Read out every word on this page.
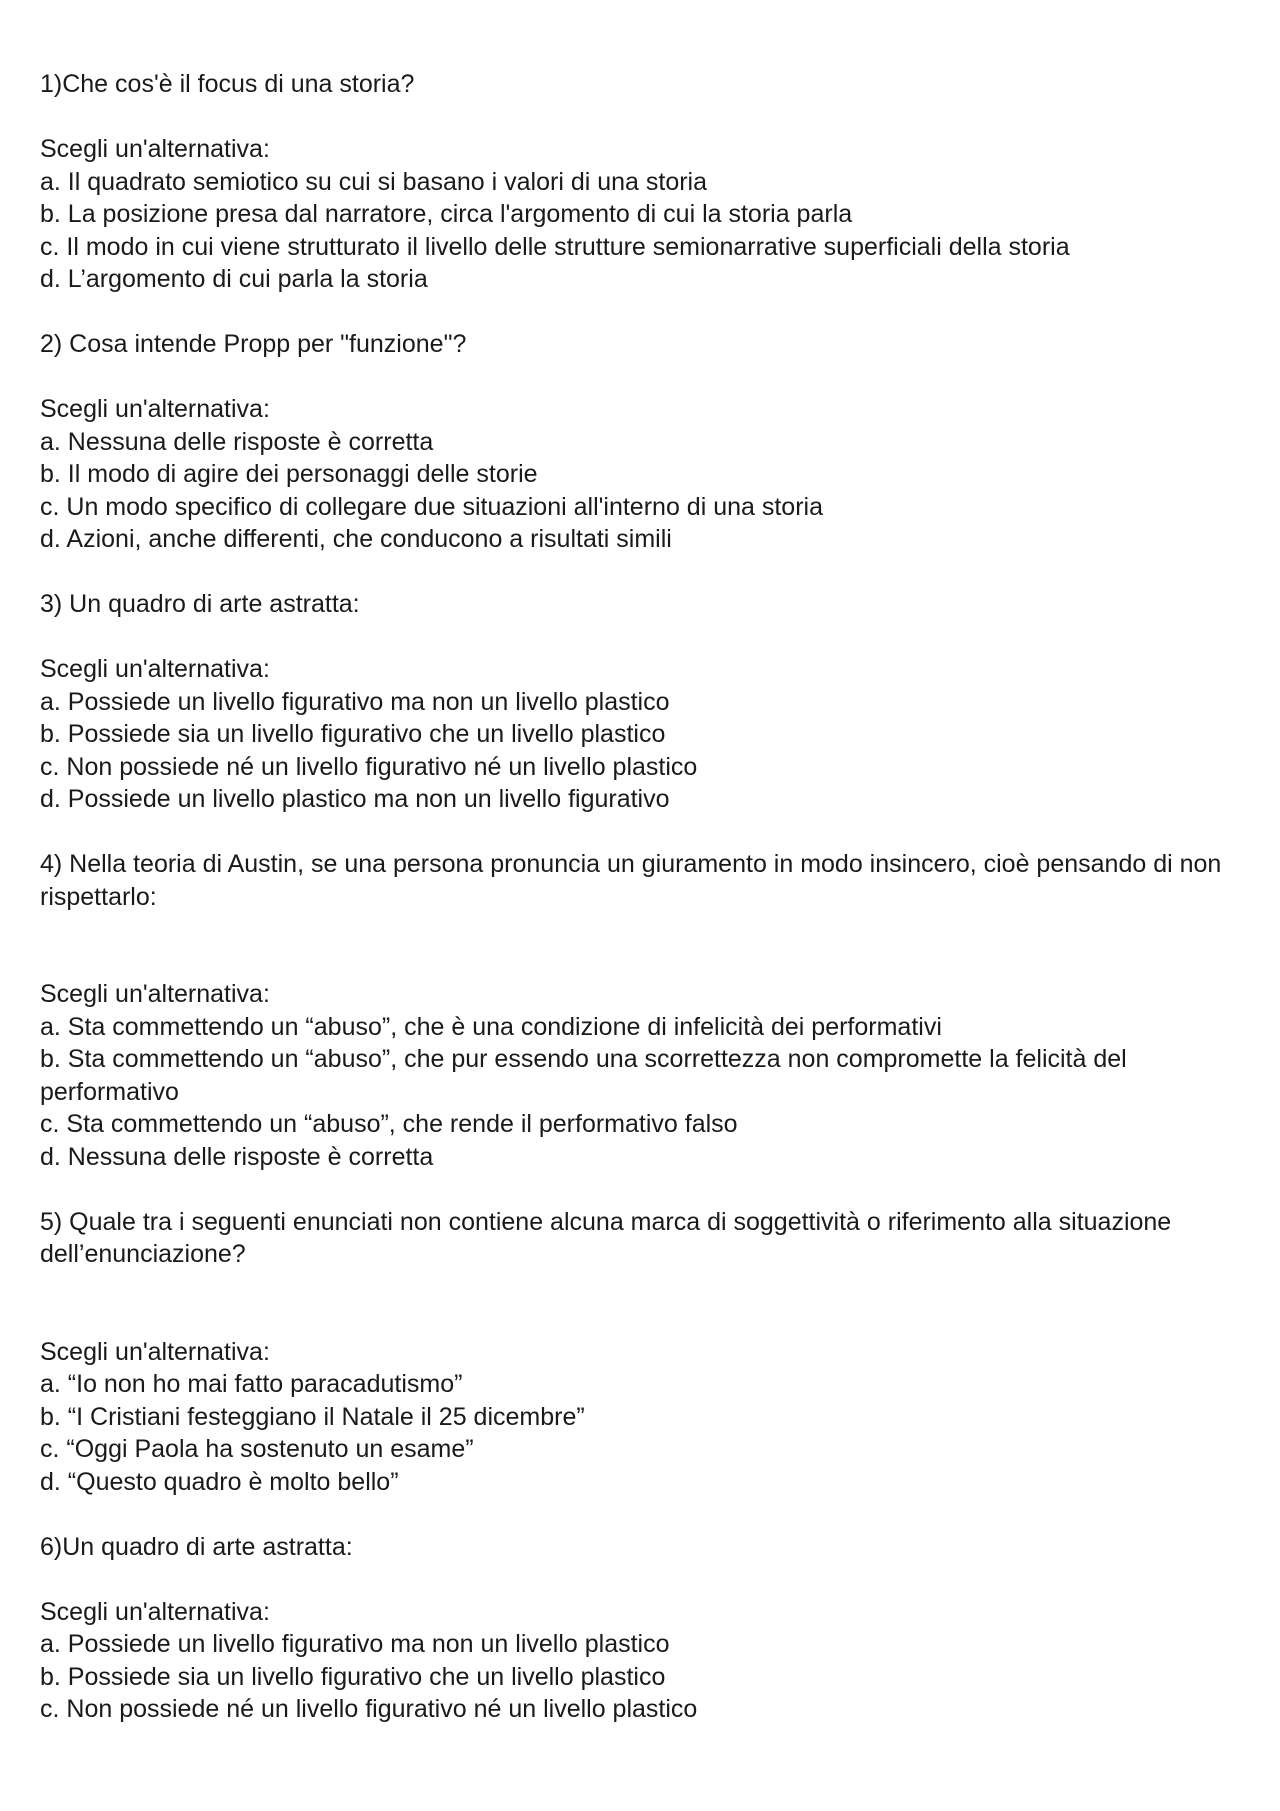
1)Che cos'è il focus di una storia?

Scegli un'alternativa:

a. Il quadrato semiotico su cui si basano i valori di una storia
b. La posizione presa dal narratore, circa l'argomento di cui la storia parla
c. Il modo in cui viene strutturato il livello delle strutture semionarrative superficiali della storia
d. L’argomento di cui parla la storia

2) Cosa intende Propp per "funzione"?

Scegli un'alternativa:

a. Nessuna delle risposte è corretta
b. Il modo di agire dei personaggi delle storie
c. Un modo specifico di collegare due situazioni all'interno di una storia
d. Azioni, anche differenti, che conducono a risultati simili

3) Un quadro di arte astratta:

Scegli un'alternativa:

a. Possiede un livello figurativo ma non un livello plastico
b. Possiede sia un livello figurativo che un livello plastico
c. Non possiede né un livello figurativo né un livello plastico
d. Possiede un livello plastico ma non un livello figurativo

4) Nella teoria di Austin, se una persona pronuncia un giuramento in modo insincero, cioè pensando di non rispettarlo:

Scegli un'alternativa:

a. Sta commettendo un “abuso”, che è una condizione di infelicità dei performativi
b. Sta commettendo un “abuso”, che pur essendo una scorrettezza non compromette la felicità del performativo
c. Sta commettendo un “abuso”, che rende il performativo falso
d. Nessuna delle risposte è corretta

5) Quale tra i seguenti enunciati non contiene alcuna marca di soggettività o riferimento alla situazione dell’enunciazione?

Scegli un'alternativa:

a. “Io non ho mai fatto paracadutismo”
b. “I Cristiani festeggiano il Natale il 25 dicembre”
c. “Oggi Paola ha sostenuto un esame”
d. “Questo quadro è molto bello”

6)Un quadro di arte astratta:

Scegli un'alternativa:

a. Possiede un livello figurativo ma non un livello plastico
b. Possiede sia un livello figurativo che un livello plastico
c. Non possiede né un livello figurativo né un livello plastico
